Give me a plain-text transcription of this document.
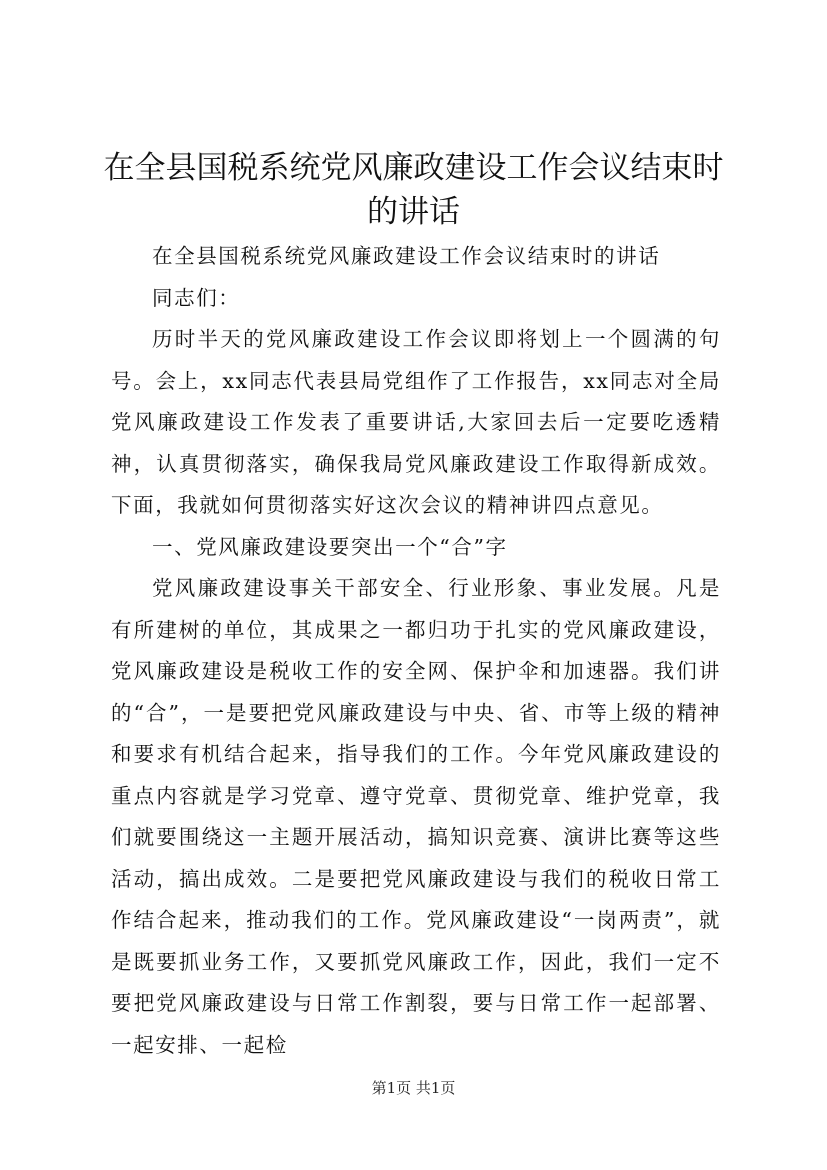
在全县国税系统党风廉政建设工作会议结束时
的讲话

在全县国税系统党风廉政建设工作会议结束时的讲话

同志们：

历时半天的党风廉政建设工作会议即将划上一个圆满的句号。会上，xx同志代表县局党组作了工作报告，xx同志对全局党风廉政建设工作发表了重要讲话,大家回去后一定要吃透精神，认真贯彻落实，确保我局党风廉政建设工作取得新成效。下面，我就如何贯彻落实好这次会议的精神讲四点意见。

一、党风廉政建设要突出一个“合”字

党风廉政建设事关干部安全、行业形象、事业发展。凡是有所建树的单位，其成果之一都归功于扎实的党风廉政建设，党风廉政建设是税收工作的安全网、保护伞和加速器。我们讲的“合”，一是要把党风廉政建设与中央、省、市等上级的精神和要求有机结合起来，指导我们的工作。今年党风廉政建设的重点内容就是学习党章、遵守党章、贯彻党章、维护党章，我们就要围绕这一主题开展活动，搞知识竞赛、演讲比赛等这些活动，搞出成效。二是要把党风廉政建设与我们的税收日常工作结合起来，推动我们的工作。党风廉政建设“一岗两责”，就是既要抓业务工作，又要抓党风廉政工作，因此，我们一定不要把党风廉政建设与日常工作割裂，要与日常工作一起部署、一起安排、一起检

第1页 共1页
